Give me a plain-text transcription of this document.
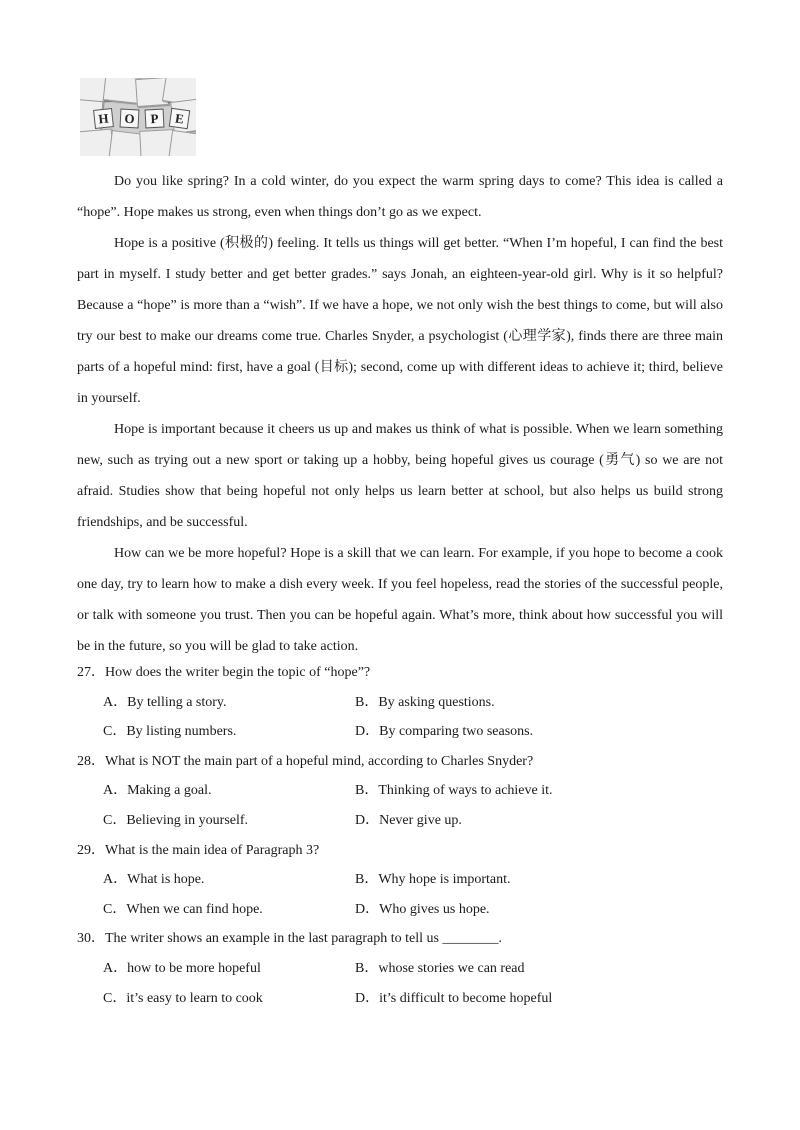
H	O	P	E

Do you like spring? In a cold winter, do you expect the warm spring days to come? This idea is called a “hope”. Hope makes us strong, even when things don’t go as we expect.

Hope is a positive (积极的) feeling. It tells us things will get better. “When I’m hopeful, I can find the best part in myself. I study better and get better grades.” says Jonah, an eighteen-year-old girl. Why is it so helpful? Because a “hope” is more than a “wish”. If we have a hope, we not only wish the best things to come, but will also try our best to make our dreams come true. Charles Snyder, a psychologist (心理学家), finds there are three main parts of a hopeful mind: first, have a goal (目标); second, come up with different ideas to achieve it; third, believe in yourself.

Hope is important because it cheers us up and makes us think of what is possible. When we learn something new, such as trying out a new sport or taking up a hobby, being hopeful gives us courage (勇气) so we are not afraid. Studies show that being hopeful not only helps us learn better at school, but also helps us build strong friendships, and be successful.

How can we be more hopeful? Hope is a skill that we can learn. For example, if you hope to become a cook one day, try to learn how to make a dish every week. If you feel hopeless, read the stories of the successful people, or talk with someone you trust. Then you can be hopeful again. What’s more, think about how successful you will be in the future, so you will be glad to take action.

27．How does the writer begin the topic of “hope”?

A．By telling a story.	B．By asking questions.
C．By listing numbers.	D．By comparing two seasons.

28．What is NOT the main part of a hopeful mind, according to Charles Snyder?

A．Making a goal.	B．Thinking of ways to achieve it.
C．Believing in yourself.	D．Never give up.

29．What is the main idea of Paragraph 3?

A．What is hope.	B．Why hope is important.
C．When we can find hope.	D．Who gives us hope.

30．The writer shows an example in the last paragraph to tell us ________.

A．how to be more hopeful	B．whose stories we can read
C．it’s easy to learn to cook	D．it’s difficult to become hopeful
